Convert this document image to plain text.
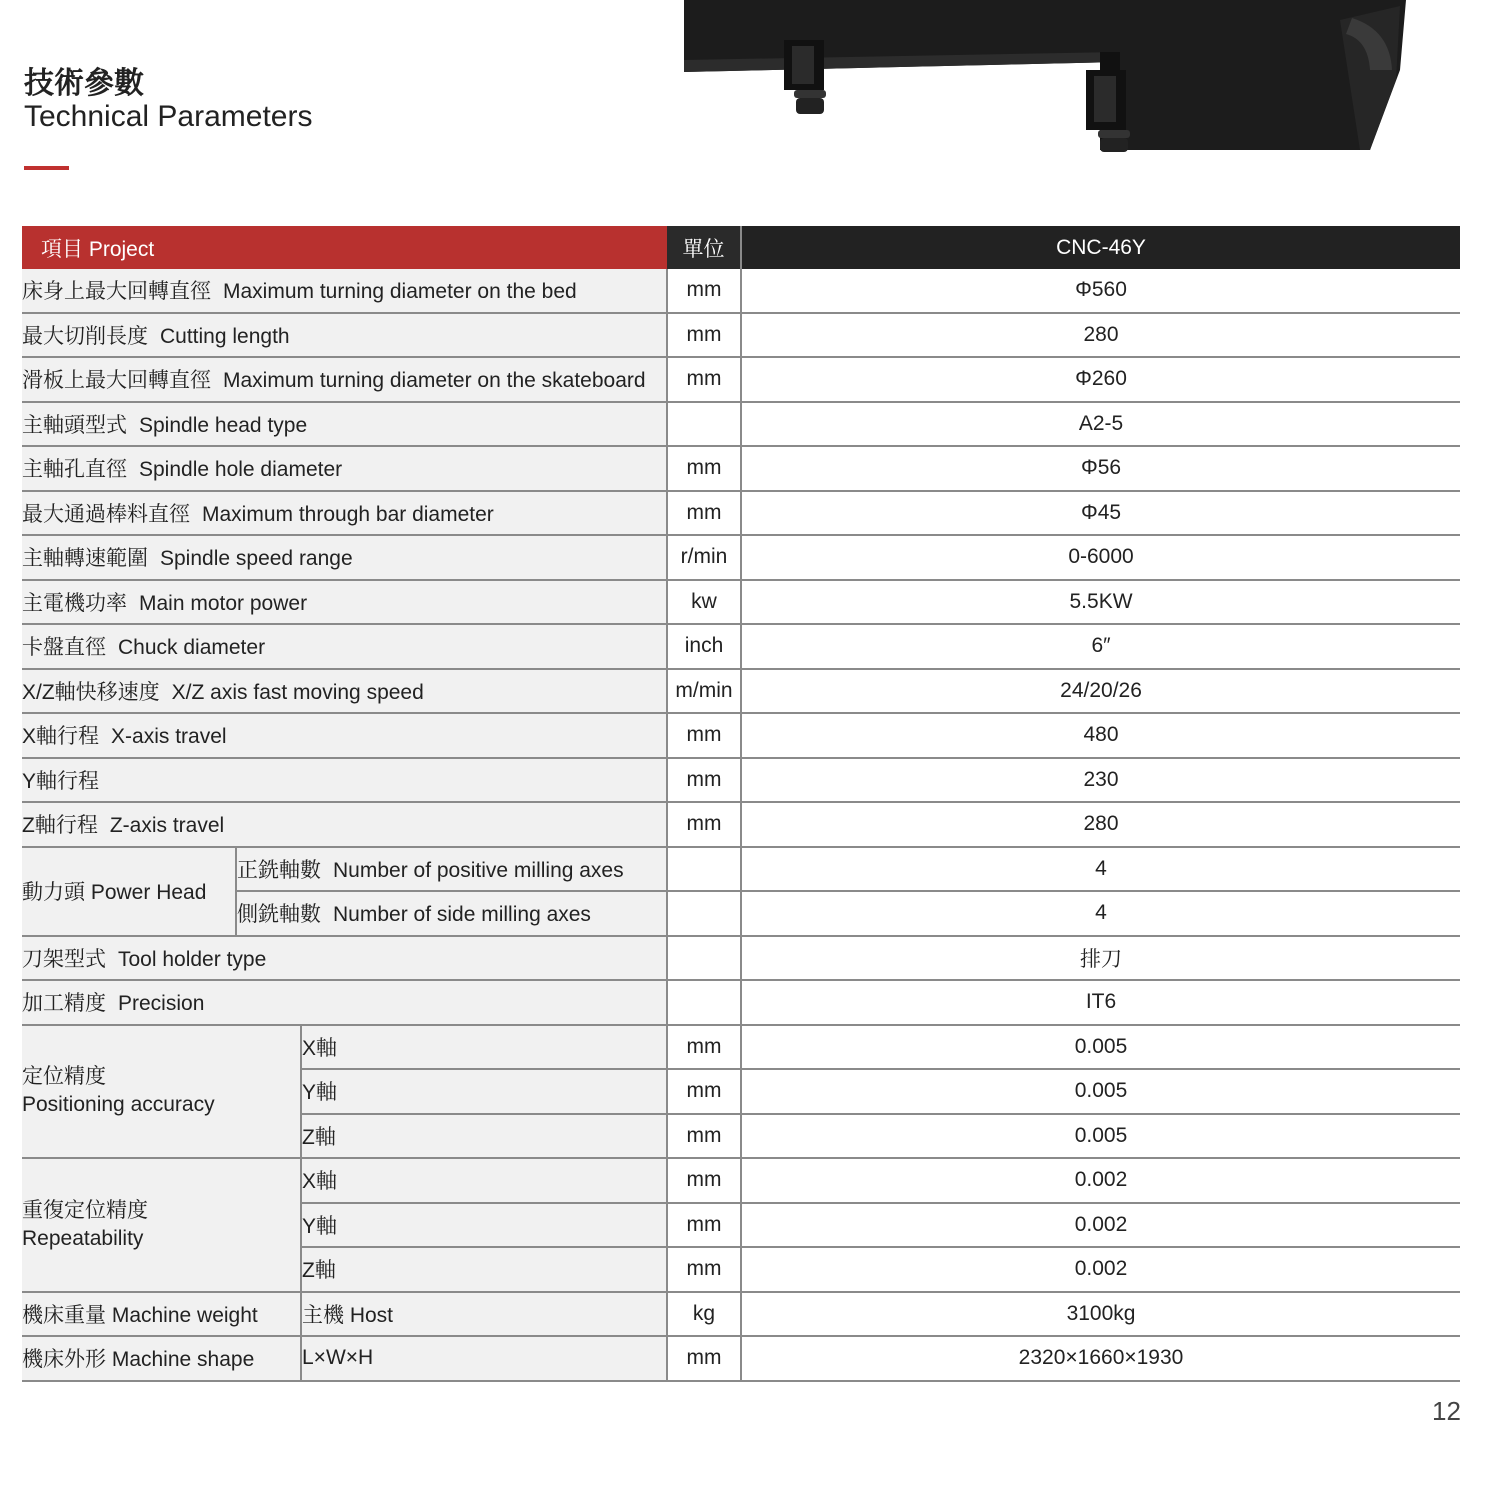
技術參數
Technical Parameters
項目 Project			單位	CNC-46Y
床身上最大回轉直徑 Maximum turning diameter on the bed			mm	Φ560
最大切削長度 Cutting length			mm	280
滑板上最大回轉直徑 Maximum turning diameter on the skateboard			mm	Φ260
主軸頭型式 Spindle head type				A2-5
主軸孔直徑 Spindle hole diameter			mm	Φ56
最大通過棒料直徑 Maximum through bar diameter			mm	Φ45
主軸轉速範圍 Spindle speed range			r/min	0-6000
主電機功率 Main motor power			kw	5.5KW
卡盤直徑 Chuck diameter			inch	6″
X/Z軸快移速度 X/Z axis fast moving speed			m/min	24/20/26
X軸行程 X-axis travel			mm	480
Y軸行程			mm	230
Z軸行程 Z-axis travel			mm	280
動力頭 Power Head	正銑軸數 Number of positive milling axes			4
	側銑軸數 Number of side milling axes			4
刀架型式 Tool holder type				排刀
加工精度 Precision				IT6

定位精度
Positioning accuracy		X軸	mm	0.005
		Y軸	mm	0.005
		Z軸	mm	0.005

重復定位精度
Repeatability		X軸	mm	0.002
		Y軸	mm	0.002
		Z軸	mm	0.002
機床重量 Machine weight		主機 Host	kg	3100kg
機床外形 Machine shape		L×W×H	mm	2320×1660×1930
12
